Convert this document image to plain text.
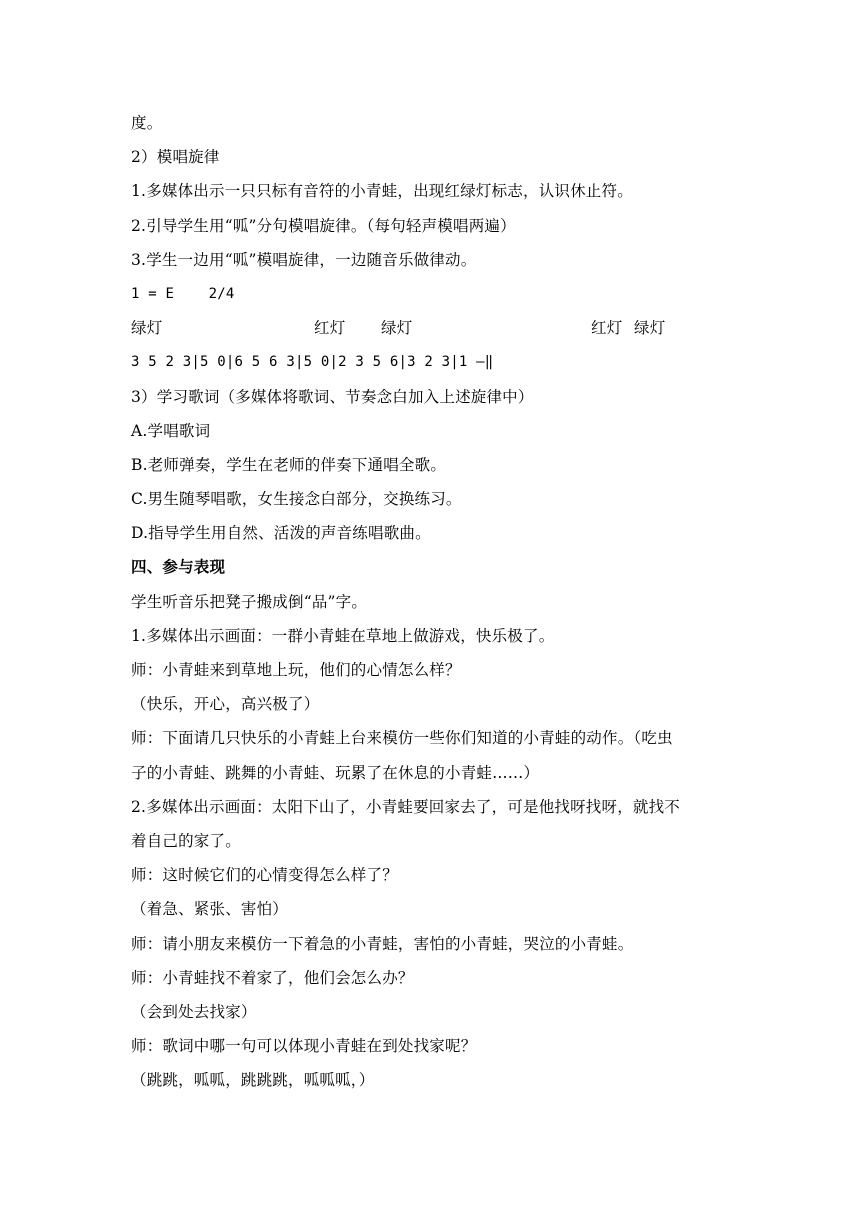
度。
2）模唱旋律
1.多媒体出示一只只标有音符的小青蛙，出现红绿灯标志，认识休止符。
2.引导学生用“呱”分句模唱旋律。（每句轻声模唱两遍）
3.学生一边用“呱”模唱旋律，一边随音乐做律动。
1 = E    2/4
绿灯	红灯 绿灯	红灯 绿灯
3 5 2 3|5 0|6 5 6 3|5 0|2 3 5 6|3 2 3|1 —‖
3）学习歌词（多媒体将歌词、节奏念白加入上述旋律中）
A.学唱歌词
B.老师弹奏，学生在老师的伴奏下通唱全歌。
C.男生随琴唱歌，女生接念白部分，交换练习。
D.指导学生用自然、活泼的声音练唱歌曲。
四、参与表现
学生听音乐把凳子搬成倒“品”字。
1.多媒体出示画面：一群小青蛙在草地上做游戏，快乐极了。
师：小青蛙来到草地上玩，他们的心情怎么样？
（快乐，开心，高兴极了）
师：下面请几只快乐的小青蛙上台来模仿一些你们知道的小青蛙的动作。（吃虫
子的小青蛙、跳舞的小青蛙、玩累了在休息的小青蛙……）
2.多媒体出示画面：太阳下山了，小青蛙要回家去了，可是他找呀找呀，就找不
着自己的家了。
师：这时候它们的心情变得怎么样了？
（着急、紧张、害怕）
师：请小朋友来模仿一下着急的小青蛙，害怕的小青蛙，哭泣的小青蛙。
师：小青蛙找不着家了，他们会怎么办？
（会到处去找家）
师：歌词中哪一句可以体现小青蛙在到处找家呢？
（跳跳，呱呱，跳跳跳，呱呱呱，）
